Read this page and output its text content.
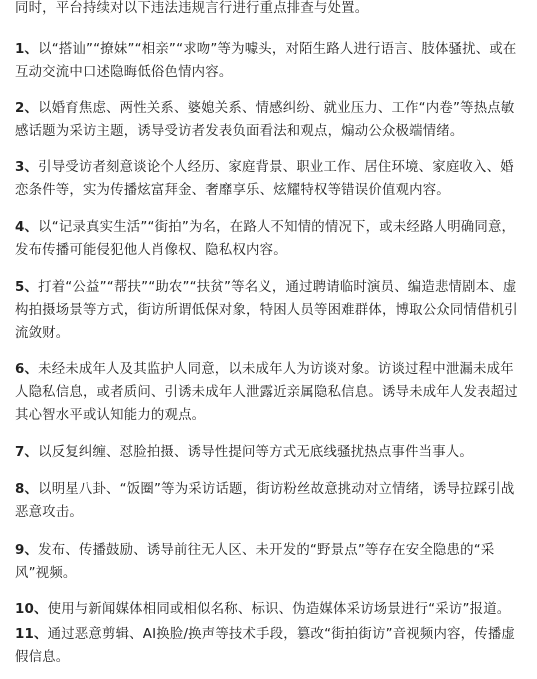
同时，平台持续对以下违法违规言行进行重点排查与处置。

1、以“搭讪”“撩妹”“相亲”“求吻”等为噱头，对陌生路人进行语言、肢体骚扰、或在互动交流中口述隐晦低俗色情内容。

2、以婚育焦虑、两性关系、婆媳关系、情感纠纷、就业压力、工作“内卷”等热点敏感话题为采访主题，诱导受访者发表负面看法和观点，煽动公众极端情绪。

3、引导受访者刻意谈论个人经历、家庭背景、职业工作、居住环境、家庭收入、婚恋条件等，实为传播炫富拜金、奢靡享乐、炫耀特权等错误价值观内容。

4、以“记录真实生活”“街拍”为名，在路人不知情的情况下，或未经路人明确同意，发布传播可能侵犯他人肖像权、隐私权内容。

5、打着“公益”“帮扶”“助农”“扶贫”等名义，通过聘请临时演员、编造悲情剧本、虚构拍摄场景等方式，街访所谓低保对象，特困人员等困难群体，博取公众同情借机引流敛财。

6、未经未成年人及其监护人同意，以未成年人为访谈对象。访谈过程中泄漏未成年人隐私信息，或者质问、引诱未成年人泄露近亲属隐私信息。诱导未成年人发表超过其心智水平或认知能力的观点。

7、以反复纠缠、怼脸拍摄、诱导性提问等方式无底线骚扰热点事件当事人。

8、以明星八卦、“饭圈”等为采访话题，街访粉丝故意挑动对立情绪，诱导拉踩引战恶意攻击。

9、发布、传播鼓励、诱导前往无人区、未开发的“野景点”等存在安全隐患的“采风”视频。

10、使用与新闻媒体相同或相似名称、标识、伪造媒体采访场景进行“采访”报道。

11、通过恶意剪辑、AI换脸/换声等技术手段，篡改“街拍街访”音视频内容，传播虚假信息。
